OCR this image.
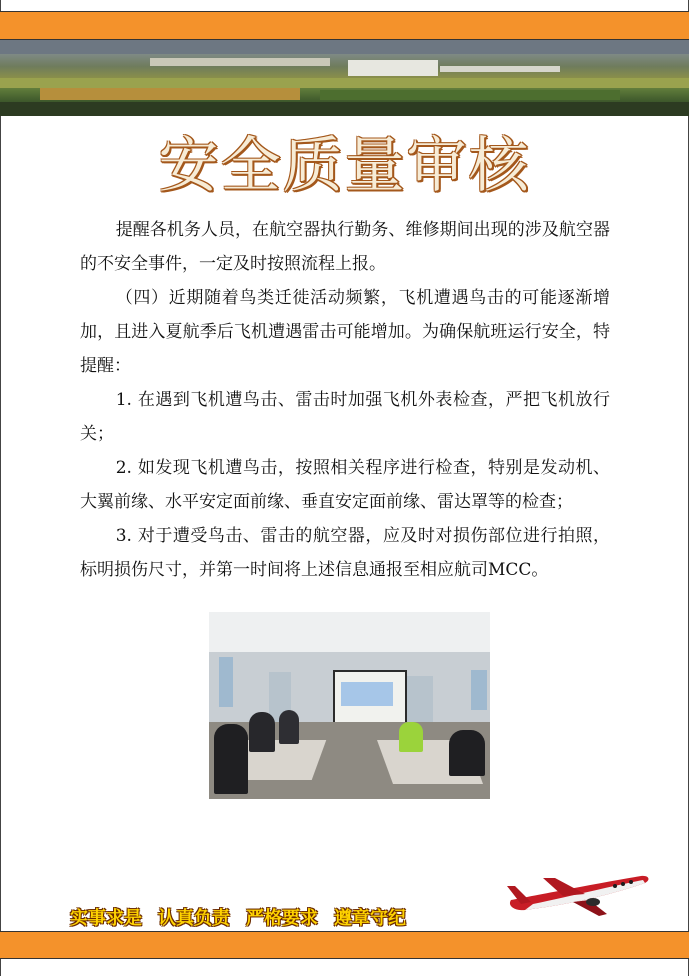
安全质量审核

提醒各机务人员，在航空器执行勤务、维修期间出现的涉及航空器的不安全事件，一定及时按照流程上报。

（四）近期随着鸟类迁徙活动频繁，飞机遭遇鸟击的可能逐渐增加，且进入夏航季后飞机遭遇雷击可能增加。为确保航班运行安全，特提醒：

1. 在遇到飞机遭鸟击、雷击时加强飞机外表检查，严把飞机放行关；

2. 如发现飞机遭鸟击，按照相关程序进行检查，特别是发动机、大翼前缘、水平安定面前缘、垂直安定面前缘、雷达罩等的检查；

3. 对于遭受鸟击、雷击的航空器，应及时对损伤部位进行拍照，标明损伤尺寸，并第一时间将上述信息通报至相应航司MCC。

实事求是 认真负责 严格要求 遵章守纪
